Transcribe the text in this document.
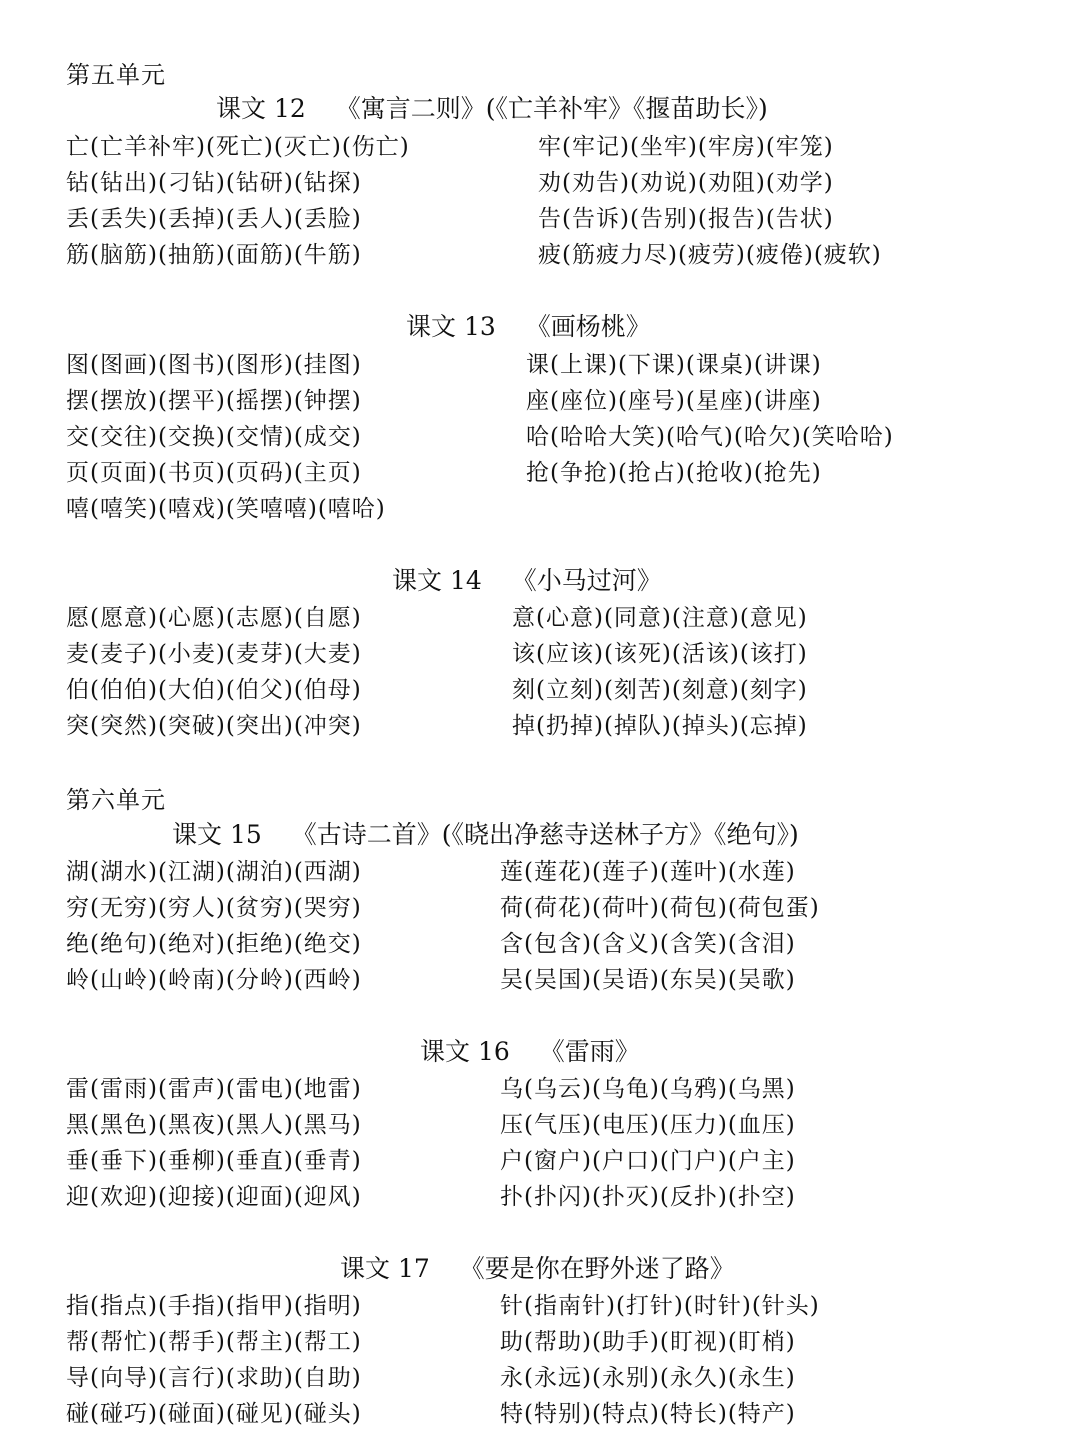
第五单元
课文 12 《寓言二则》(《亡羊补牢》《揠苗助长》)
亡(亡羊补牢)(死亡)(灭亡)(伤亡)	牢(牢记)(坐牢)(牢房)(牢笼)
钻(钻出)(刁钻)(钻研)(钻探)	劝(劝告)(劝说)(劝阻)(劝学)
丢(丢失)(丢掉)(丢人)(丢脸)	告(告诉)(告别)(报告)(告状)
筋(脑筋)(抽筋)(面筋)(牛筋)	疲(筋疲力尽)(疲劳)(疲倦)(疲软)
课文 13 《画杨桃》
图(图画)(图书)(图形)(挂图)	课(上课)(下课)(课桌)(讲课)
摆(摆放)(摆平)(摇摆)(钟摆)	座(座位)(座号)(星座)(讲座)
交(交往)(交换)(交情)(成交)	哈(哈哈大笑)(哈气)(哈欠)(笑哈哈)
页(页面)(书页)(页码)(主页)	抢(争抢)(抢占)(抢收)(抢先)
嘻(嘻笑)(嘻戏)(笑嘻嘻)(嘻哈)
课文 14 《小马过河》
愿(愿意)(心愿)(志愿)(自愿)	意(心意)(同意)(注意)(意见)
麦(麦子)(小麦)(麦芽)(大麦)	该(应该)(该死)(活该)(该打)
伯(伯伯)(大伯)(伯父)(伯母)	刻(立刻)(刻苦)(刻意)(刻字)
突(突然)(突破)(突出)(冲突)	掉(扔掉)(掉队)(掉头)(忘掉)
第六单元
课文 15 《古诗二首》(《晓出净慈寺送林子方》《绝句》)
湖(湖水)(江湖)(湖泊)(西湖)	莲(莲花)(莲子)(莲叶)(水莲)
穷(无穷)(穷人)(贫穷)(哭穷)	荷(荷花)(荷叶)(荷包)(荷包蛋)
绝(绝句)(绝对)(拒绝)(绝交)	含(包含)(含义)(含笑)(含泪)
岭(山岭)(岭南)(分岭)(西岭)	吴(吴国)(吴语)(东吴)(吴歌)
课文 16 《雷雨》
雷(雷雨)(雷声)(雷电)(地雷)	乌(乌云)(乌龟)(乌鸦)(乌黑)
黑(黑色)(黑夜)(黑人)(黑马)	压(气压)(电压)(压力)(血压)
垂(垂下)(垂柳)(垂直)(垂青)	户(窗户)(户口)(门户)(户主)
迎(欢迎)(迎接)(迎面)(迎风)	扑(扑闪)(扑灭)(反扑)(扑空)
课文 17 《要是你在野外迷了路》
指(指点)(手指)(指甲)(指明)	针(指南针)(打针)(时针)(针头)
帮(帮忙)(帮手)(帮主)(帮工)	助(帮助)(助手)(盯视)(盯梢)
导(向导)(言行)(求助)(自助)	永(永远)(永别)(永久)(永生)
碰(碰巧)(碰面)(碰见)(碰头)	特(特别)(特点)(特长)(特产)
